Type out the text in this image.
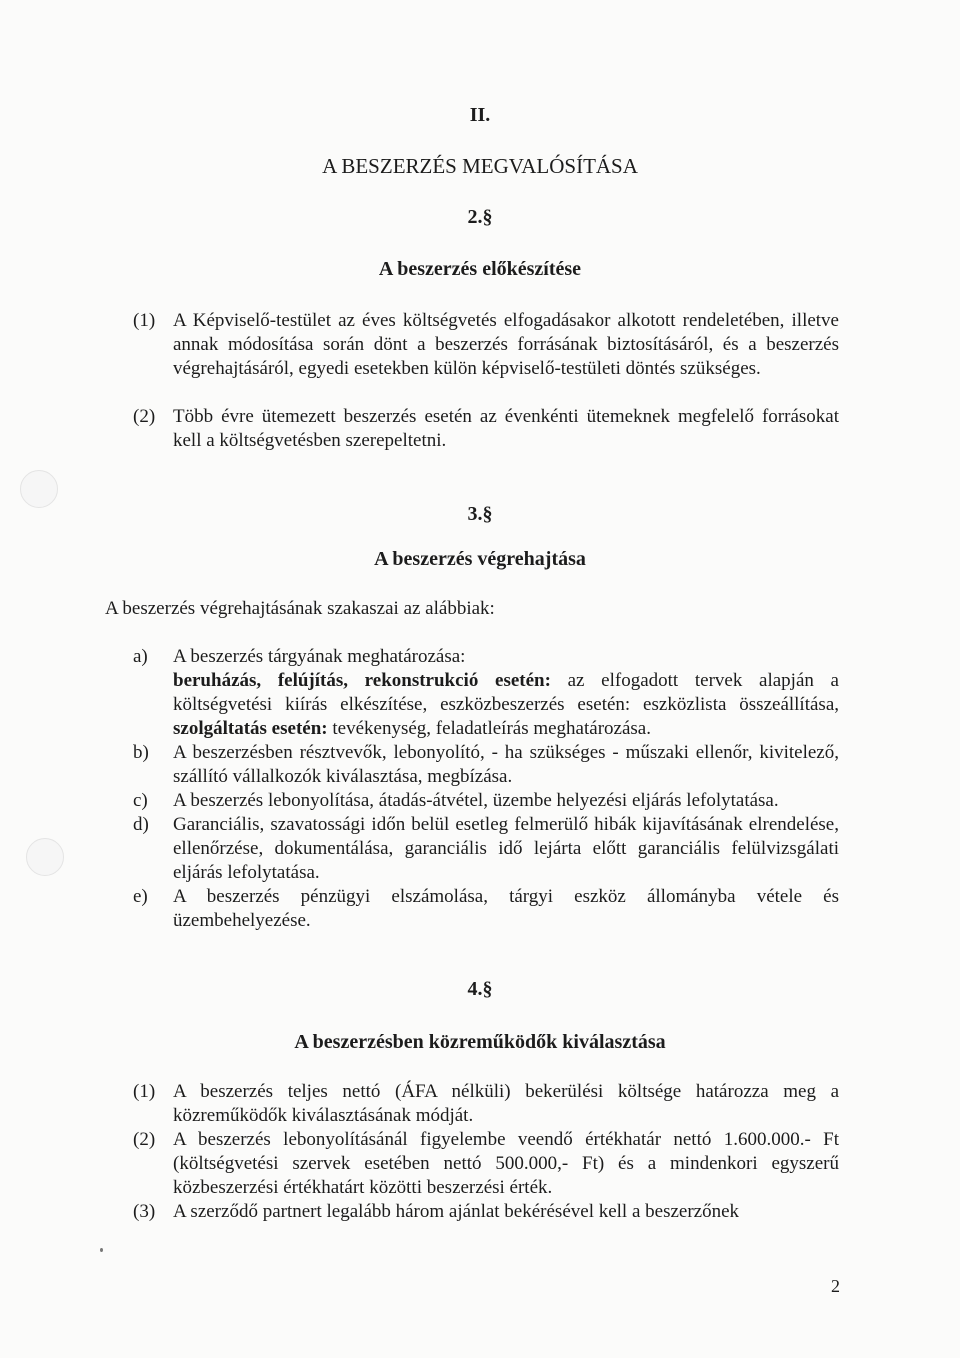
II.
A BESZERZÉS MEGVALÓSÍTÁSA
2.§
A beszerzés előkészítése
(1) A Képviselő-testület az éves költségvetés elfogadásakor alkotott rendeletében, illetve annak módosítása során dönt a beszerzés forrásának biztosításáról, és a beszerzés végrehajtásáról, egyedi esetekben külön képviselő-testületi döntés szükséges.
(2) Több évre ütemezett beszerzés esetén az évenkénti ütemeknek megfelelő forrásokat kell a költségvetésben szerepeltetni.
3.§
A beszerzés végrehajtása
A beszerzés végrehajtásának szakaszai az alábbiak:
a) A beszerzés tárgyának meghatározása:
beruházás, felújítás, rekonstrukció esetén: az elfogadott tervek alapján a költségvetési kiírás elkészítése, eszközbeszerzés esetén: eszközlista összeállítása, szolgáltatás esetén: tevékenység, feladatleírás meghatározása.
b) A beszerzésben résztvevők, lebonyolító, - ha szükséges - műszaki ellenőr, kivitelező, szállító vállalkozók kiválasztása, megbízása.
c) A beszerzés lebonyolítása, átadás-átvétel, üzembe helyezési eljárás lefolytatása.
d) Garanciális, szavatossági időn belül esetleg felmerülő hibák kijavításának elrendelése, ellenőrzése, dokumentálása, garanciális idő lejárta előtt garanciális felülvizsgálati eljárás lefolytatása.
e) A beszerzés pénzügyi elszámolása, tárgyi eszköz állományba vétele és üzembehelyezése.
4.§
A beszerzésben közreműködők kiválasztása
(1) A beszerzés teljes nettó (ÁFA nélküli) bekerülési költsége határozza meg a közreműködők kiválasztásának módját.
(2) A beszerzés lebonyolításánál figyelembe veendő értékhatár nettó 1.600.000.- Ft (költségvetési szervek esetében nettó 500.000,- Ft) és a mindenkori egyszerű közbeszerzési értékhatárt közötti beszerzési érték.
(3) A szerződő partnert legalább három ajánlat bekérésével kell a beszerzőnek
2
